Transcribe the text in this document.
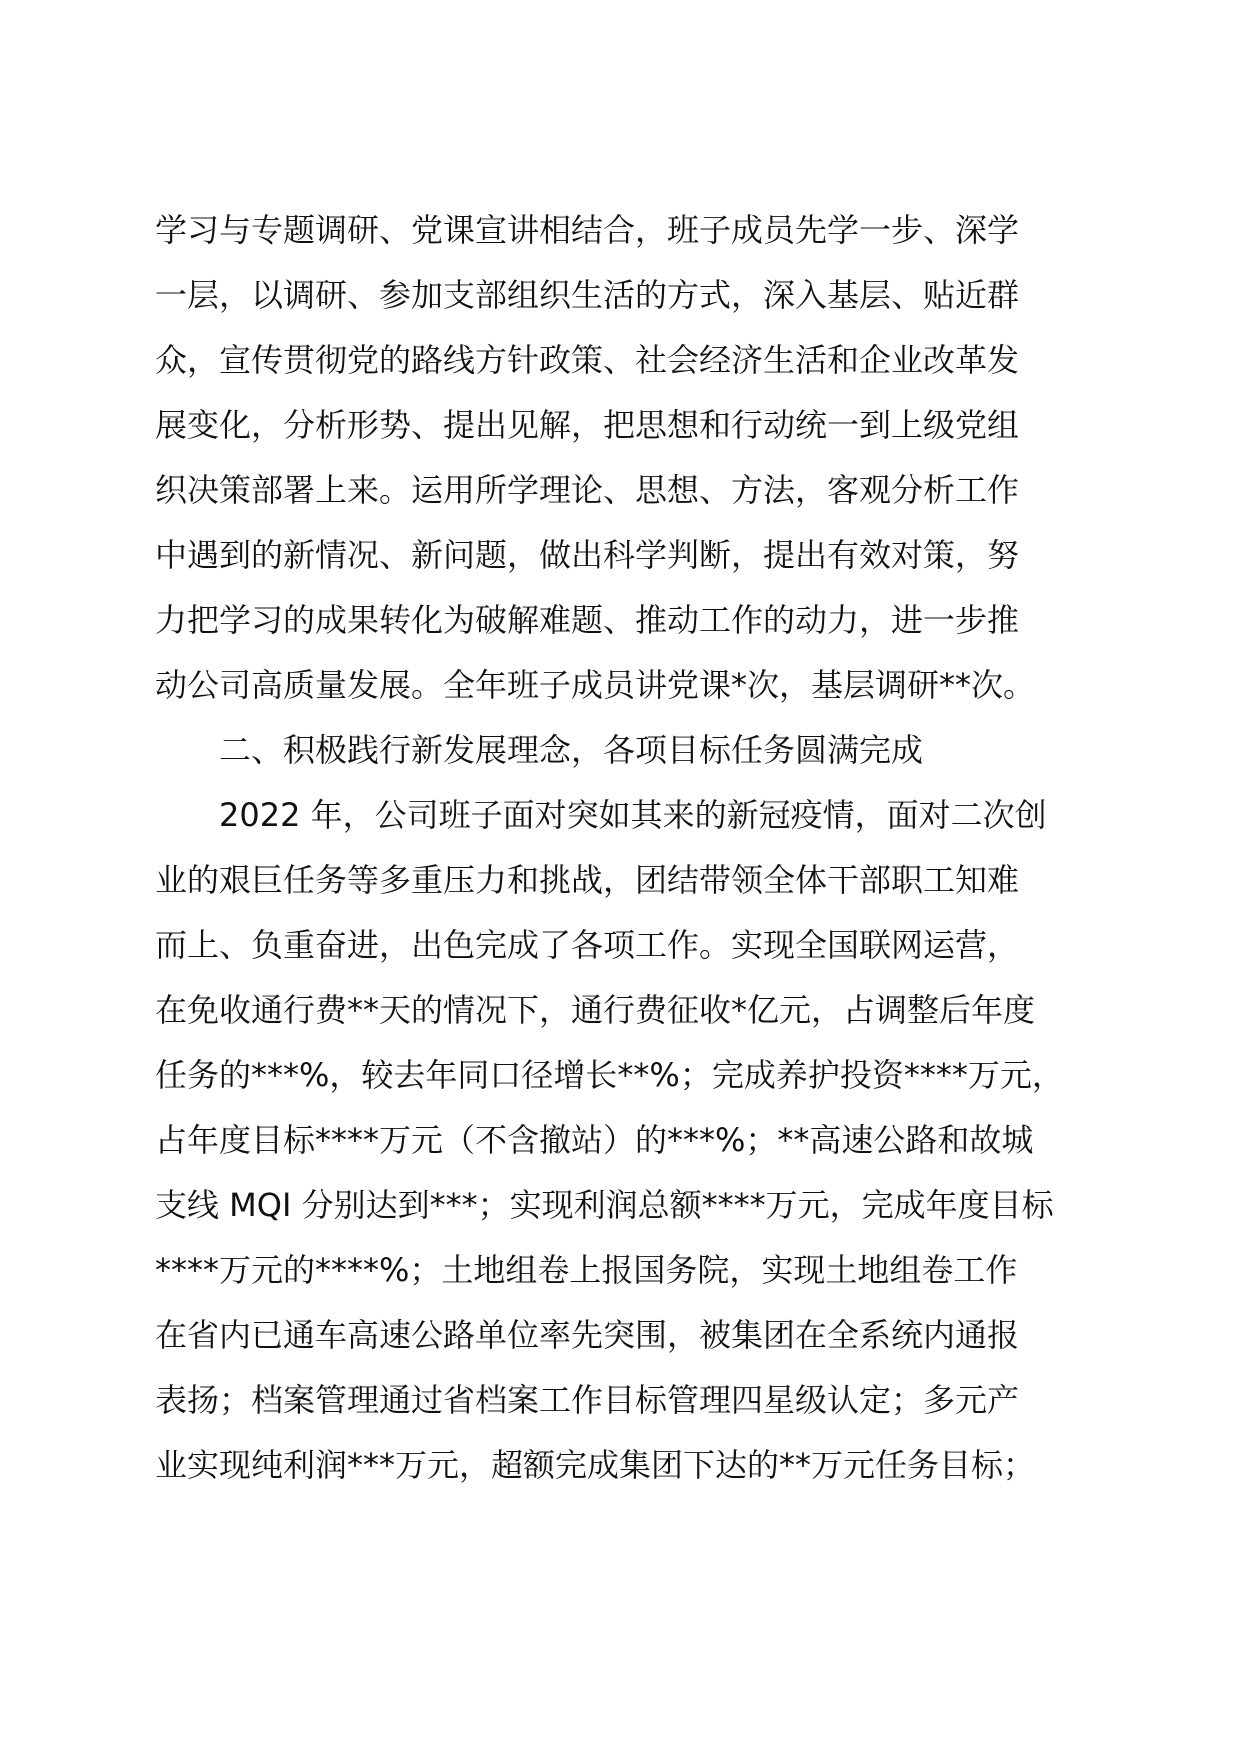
学习与专题调研、党课宣讲相结合，班子成员先学一步、深学
一层，以调研、参加支部组织生活的方式，深入基层、贴近群
众，宣传贯彻党的路线方针政策、社会经济生活和企业改革发
展变化，分析形势、提出见解，把思想和行动统一到上级党组
织决策部署上来。运用所学理论、思想、方法，客观分析工作
中遇到的新情况、新问题，做出科学判断，提出有效对策，努
力把学习的成果转化为破解难题、推动工作的动力，进一步推
动公司高质量发展。全年班子成员讲党课*次，基层调研**次。
二、积极践行新发展理念，各项目标任务圆满完成
2022 年，公司班子面对突如其来的新冠疫情，面对二次创
业的艰巨任务等多重压力和挑战，团结带领全体干部职工知难
而上、负重奋进，出色完成了各项工作。实现全国联网运营，
在免收通行费**天的情况下，通行费征收*亿元，占调整后年度
任务的***%，较去年同口径增长**%；完成养护投资****万元，
占年度目标****万元（不含撤站）的***%；**高速公路和故城
支线 MQI 分别达到***；实现利润总额****万元，完成年度目标
****万元的****%；土地组卷上报国务院，实现土地组卷工作
在省内已通车高速公路单位率先突围，被集团在全系统内通报
表扬；档案管理通过省档案工作目标管理四星级认定；多元产
业实现纯利润***万元，超额完成集团下达的**万元任务目标；
